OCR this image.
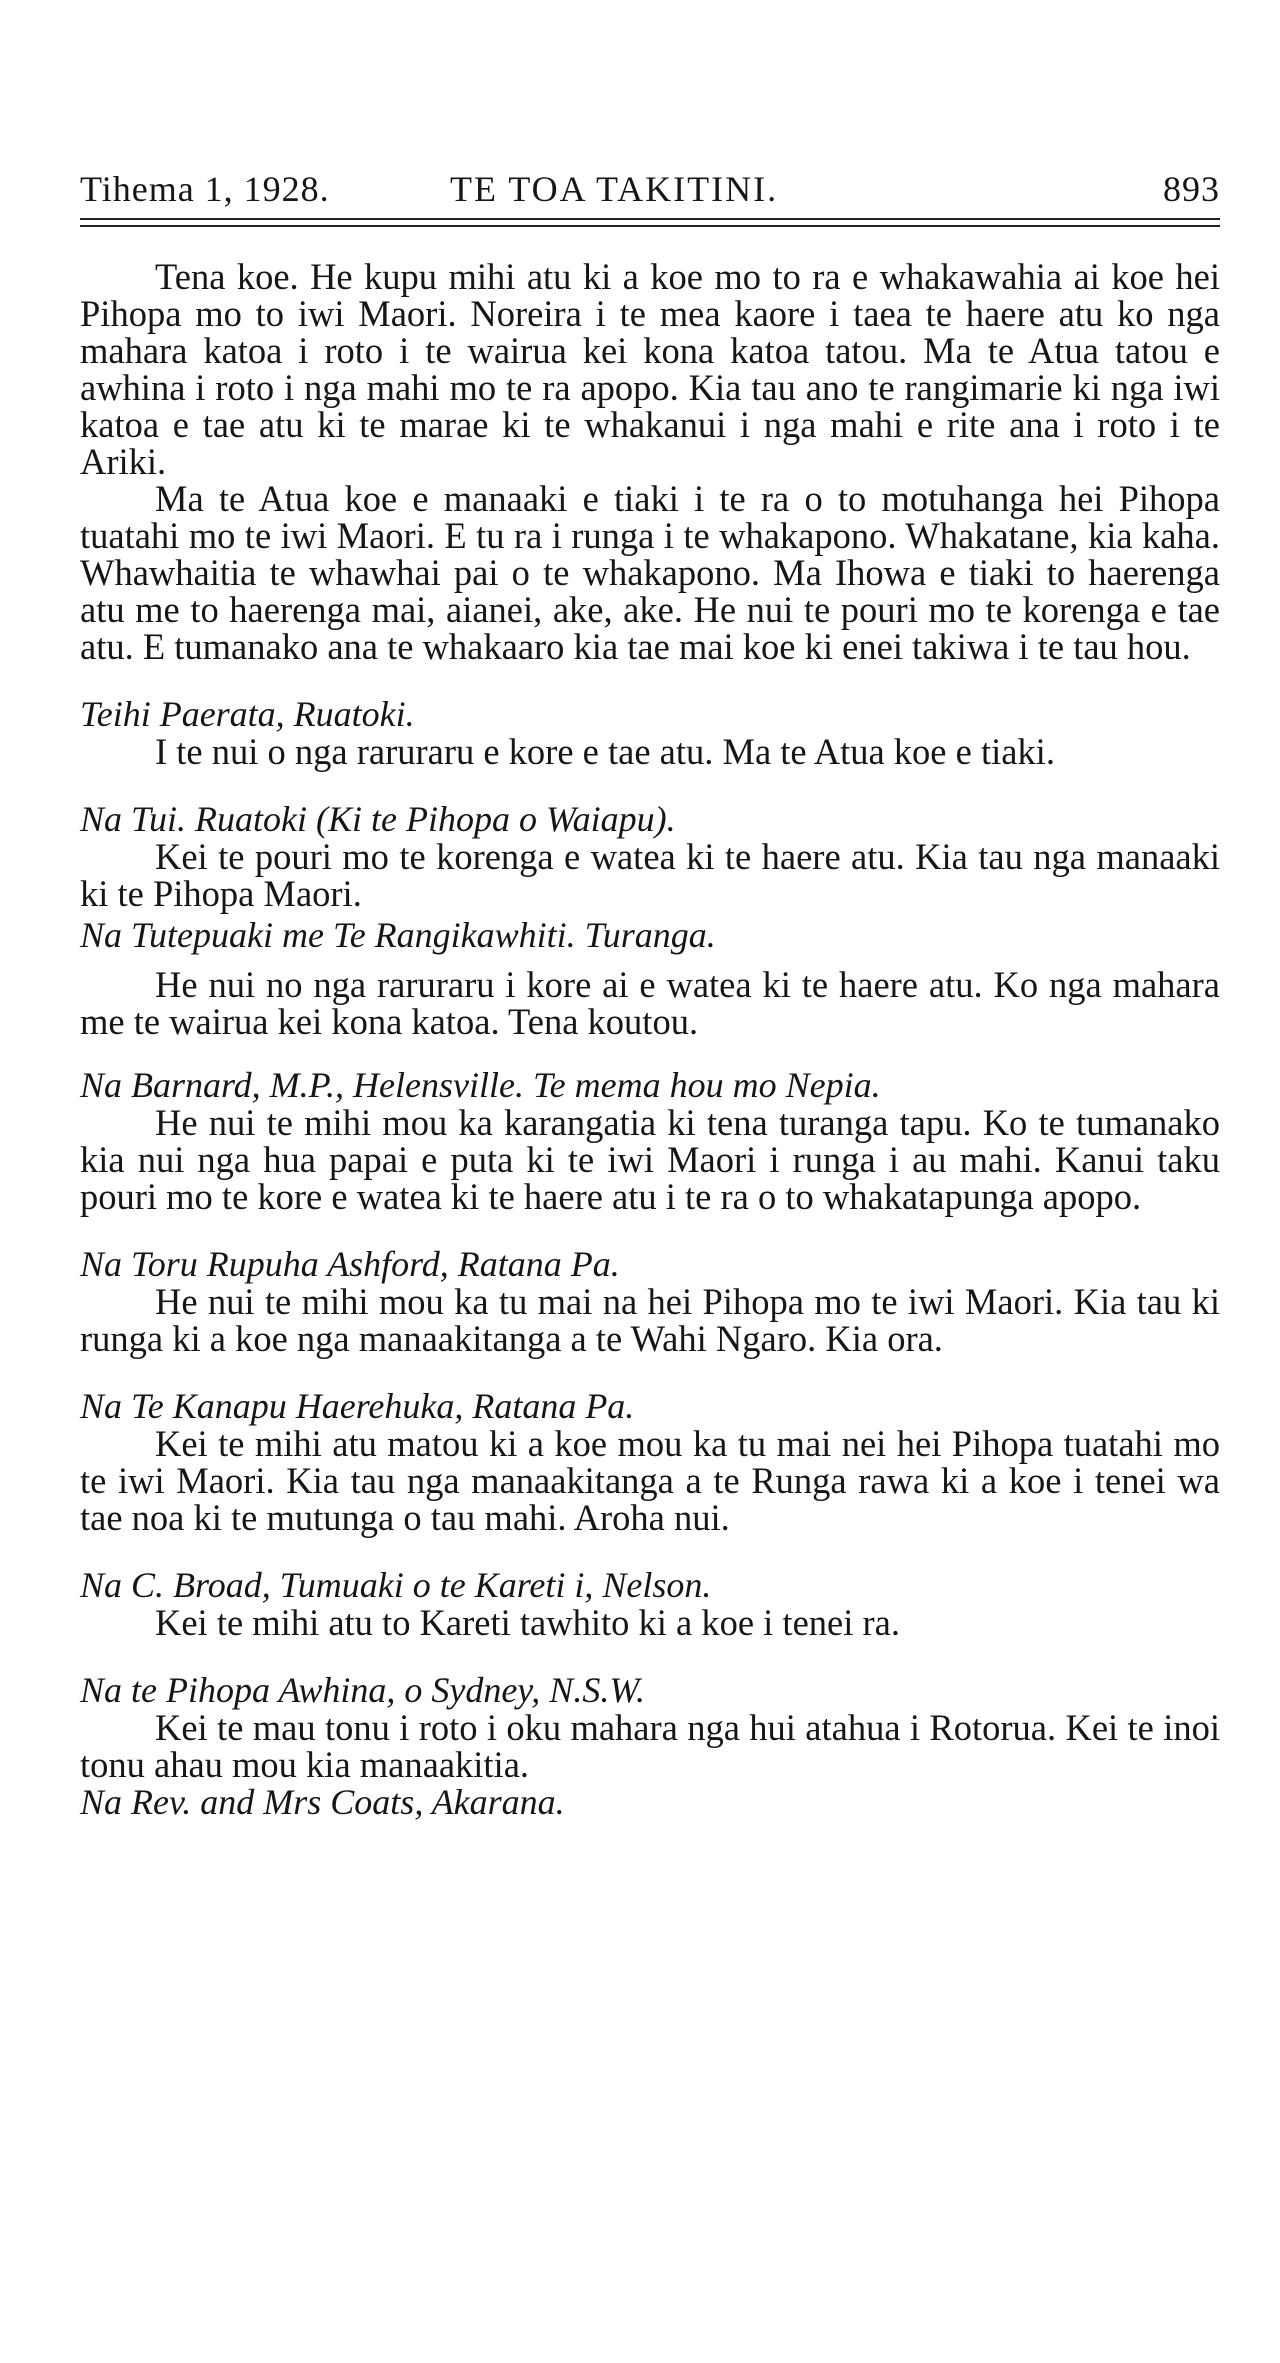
Tihema 1, 1928.	TE TOA TAKITINI.	893

Tena koe. He kupu mihi atu ki a koe mo to ra e whakawahia ai koe hei Pihopa mo to iwi Maori. Noreira i te mea kaore i taea te haere atu ko nga mahara katoa i roto i te wairua kei kona katoa tatou. Ma te Atua tatou e awhina i roto i nga mahi mo te ra apopo. Kia tau ano te rangimarie ki nga iwi katoa e tae atu ki te marae ki te whakanui i nga mahi e rite ana i roto i te Ariki.

Ma te Atua koe e manaaki e tiaki i te ra o to motuhanga hei Pihopa tuatahi mo te iwi Maori. E tu ra i runga i te whakapono. Whakatane, kia kaha. Whawhaitia te whawhai pai o te whakapono. Ma Ihowa e tiaki to haerenga atu me to haerenga mai, aianei, ake, ake. He nui te pouri mo te korenga e tae atu. E tumanako ana te whakaaro kia tae mai koe ki enei takiwa i te tau hou.

Teihi Paerata, Ruatoki.

I te nui o nga raruraru e kore e tae atu. Ma te Atua koe e tiaki.

Na Tui. Ruatoki (Ki te Pihopa o Waiapu).

Kei te pouri mo te korenga e watea ki te haere atu. Kia tau nga manaaki ki te Pihopa Maori.

Na Tutepuaki me Te Rangikawhiti. Turanga.

He nui no nga raruraru i kore ai e watea ki te haere atu. Ko nga mahara me te wairua kei kona katoa. Tena koutou.

Na Barnard, M.P., Helensville. Te mema hou mo Nepia.

He nui te mihi mou ka karangatia ki tena turanga tapu. Ko te tumanako kia nui nga hua papai e puta ki te iwi Maori i runga i au mahi. Kanui taku pouri mo te kore e watea ki te haere atu i te ra o to whakatapunga apopo.

Na Toru Rupuha Ashford, Ratana Pa.

He nui te mihi mou ka tu mai na hei Pihopa mo te iwi Maori. Kia tau ki runga ki a koe nga manaakitanga a te Wahi Ngaro. Kia ora.

Na Te Kanapu Haerehuka, Ratana Pa.

Kei te mihi atu matou ki a koe mou ka tu mai nei hei Pihopa tuatahi mo te iwi Maori. Kia tau nga manaakitanga a te Runga rawa ki a koe i tenei wa tae noa ki te mutunga o tau mahi. Aroha nui.

Na C. Broad, Tumuaki o te Kareti i, Nelson.

Kei te mihi atu to Kareti tawhito ki a koe i tenei ra.

Na te Pihopa Awhina, o Sydney, N.S.W.

Kei te mau tonu i roto i oku mahara nga hui atahua i Rotorua. Kei te inoi tonu ahau mou kia manaakitia.

Na Rev. and Mrs Coats, Akarana.
